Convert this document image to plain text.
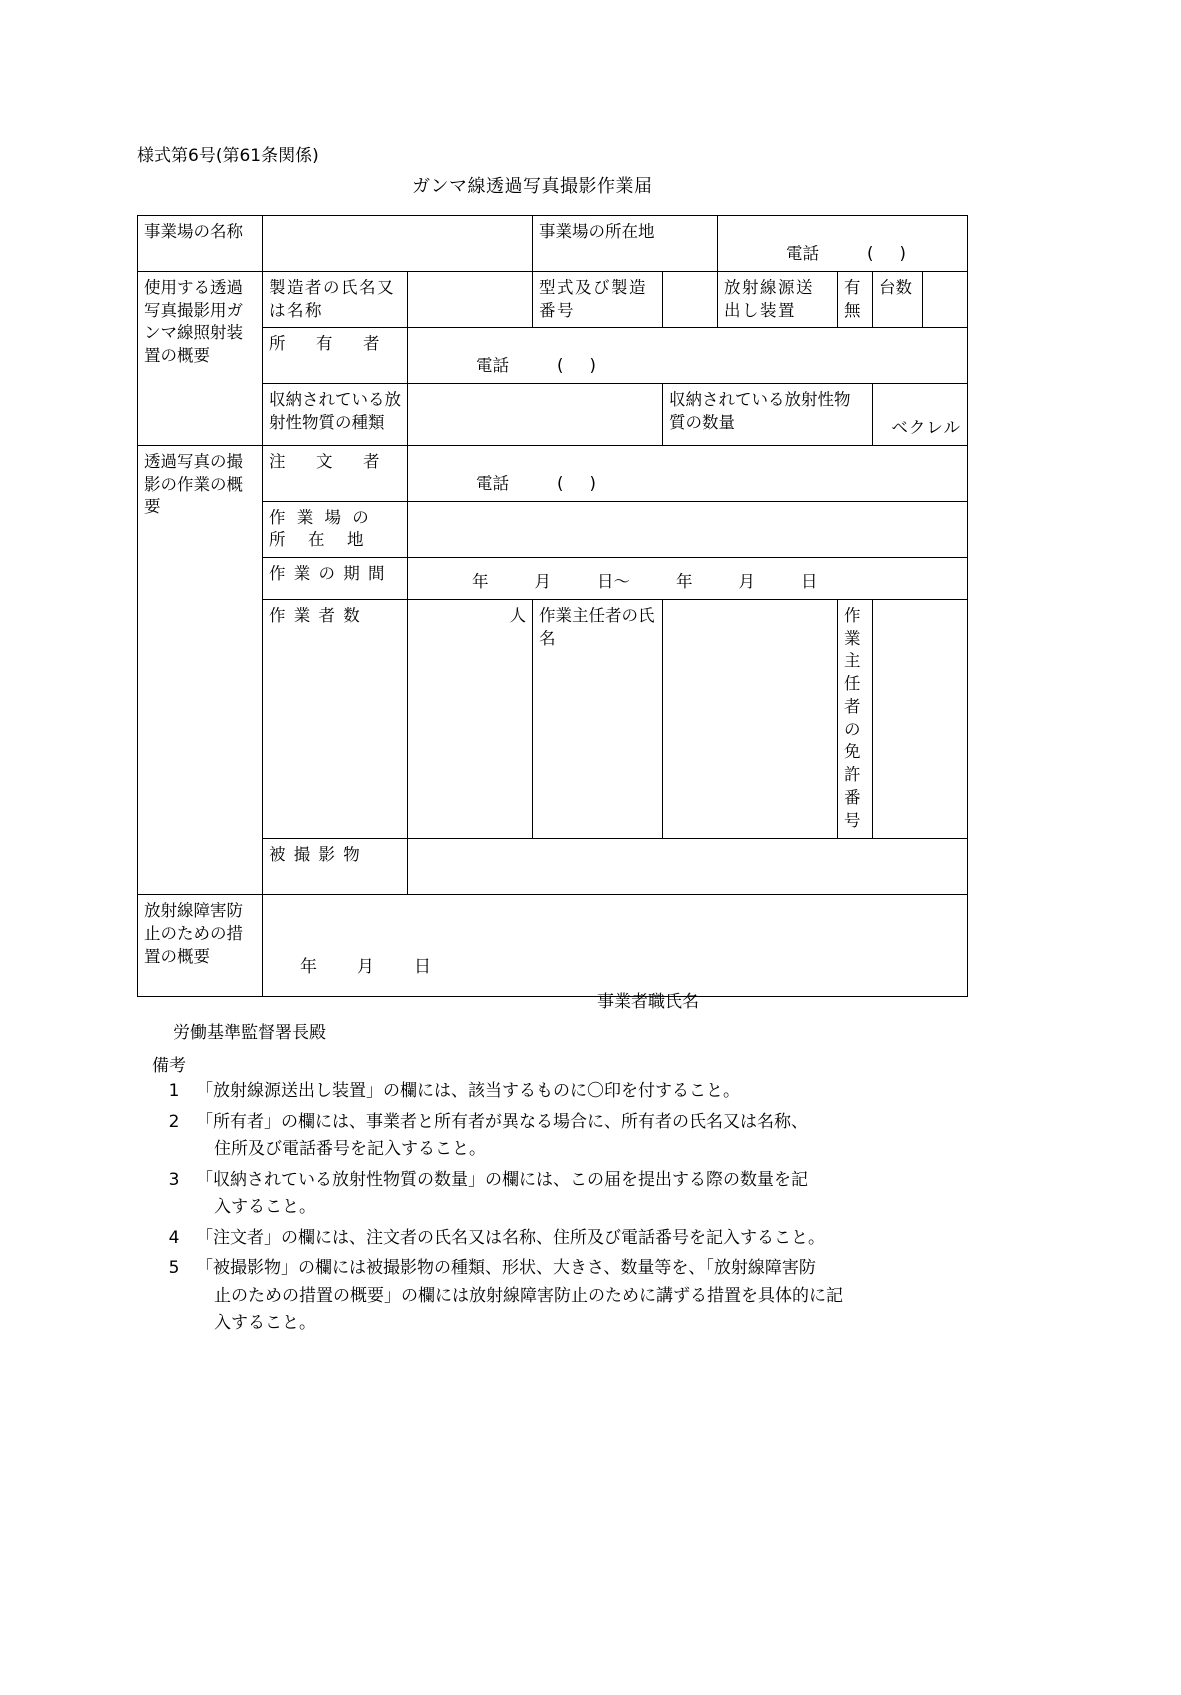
様式第6号(第61条関係)
ガンマ線透過写真撮影作業届
事業場の名称			事業場の所在地		電話 ( )			

使用する透過写真撮影用ガンマ線照射装置の概要	製造者の氏名又は名称		型式及び製造番号		放射線源送出し装置	有無	台数	

	所　有　者	電話 ( )						

	収納されている放射性物質の種類			収納されている放射性物質の数量			ベクレル	

透過写真の撮影の作業の概要	注　文　者	電話 ( )						

	作 業 場 の
所　在　地							

	作 業 の 期 間	年 月 日〜 年 月 日						

	作 業 者 数	人	作業主任者の氏名			作業主任者の免許番号		

	被 撮 影 物							

放射線障害防止のための措置の概要								

年 月 日
事業者職氏名
労働基準監督署長殿
備考
1 「放射線源送出し装置」の欄には、該当するものに〇印を付すること。
2 「所有者」の欄には、事業者と所有者が異なる場合に、所有者の氏名又は名称、
住所及び電話番号を記入すること。
3 「収納されている放射性物質の数量」の欄には、この届を提出する際の数量を記
入すること。
4 「注文者」の欄には、注文者の氏名又は名称、住所及び電話番号を記入すること。
5 「被撮影物」の欄には被撮影物の種類、形状、大きさ、数量等を、「放射線障害防
止のための措置の概要」の欄には放射線障害防止のために講ずる措置を具体的に記
入すること。
